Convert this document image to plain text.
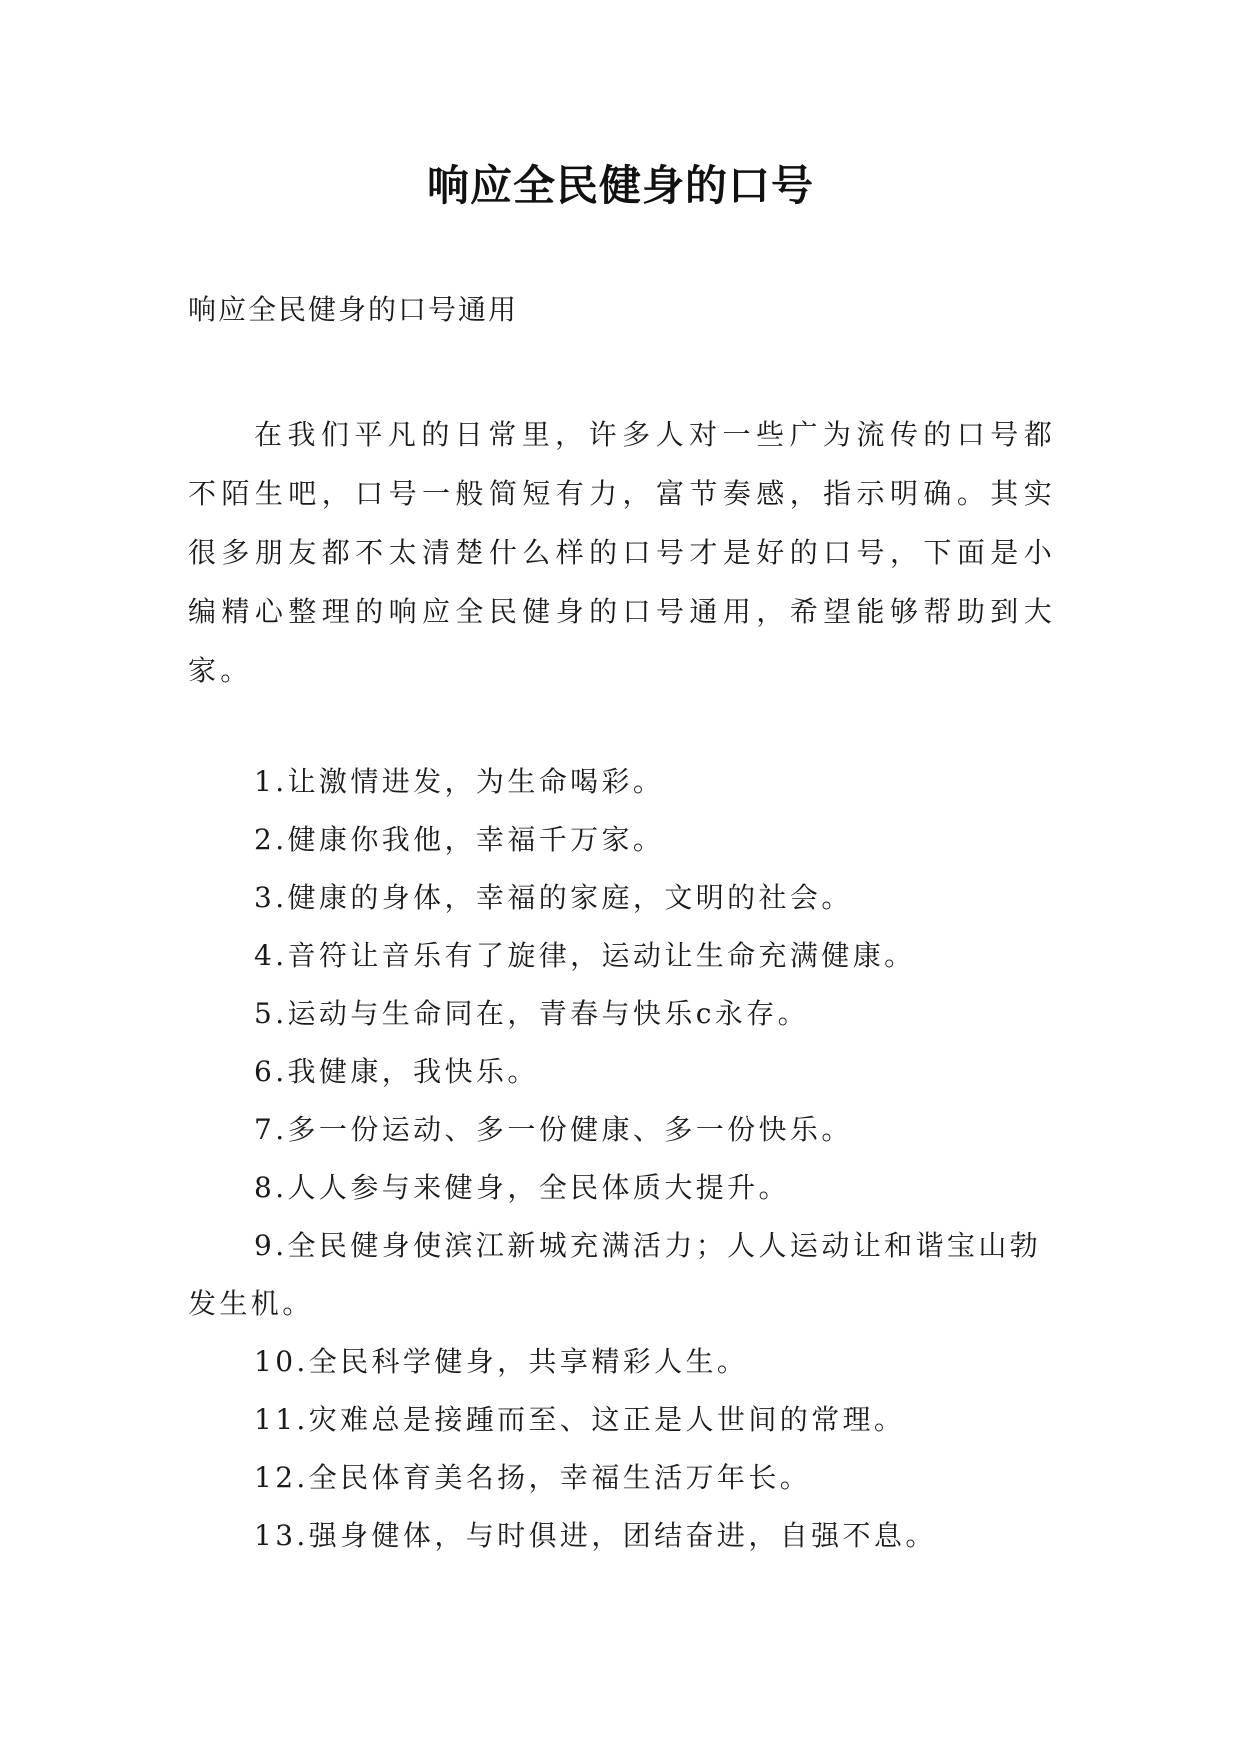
响应全民健身的口号
响应全民健身的口号通用

在我们平凡的日常里，许多人对一些广为流传的口号都不陌生吧，口号一般简短有力，富节奏感，指示明确。其实很多朋友都不太清楚什么样的口号才是好的口号，下面是小编精心整理的响应全民健身的口号通用，希望能够帮助到大家。

1.让激情进发，为生命喝彩。
2.健康你我他，幸福千万家。
3.健康的身体，幸福的家庭，文明的社会。
4.音符让音乐有了旋律，运动让生命充满健康。
5.运动与生命同在，青春与快乐c永存。
6.我健康，我快乐。
7.多一份运动、多一份健康、多一份快乐。
8.人人参与来健身，全民体质大提升。
9.全民健身使滨江新城充满活力；人人运动让和谐宝山勃发生机。
10.全民科学健身，共享精彩人生。
11.灾难总是接踵而至、这正是人世间的常理。
12.全民体育美名扬，幸福生活万年长。
13.强身健体，与时俱进，团结奋进，自强不息。
